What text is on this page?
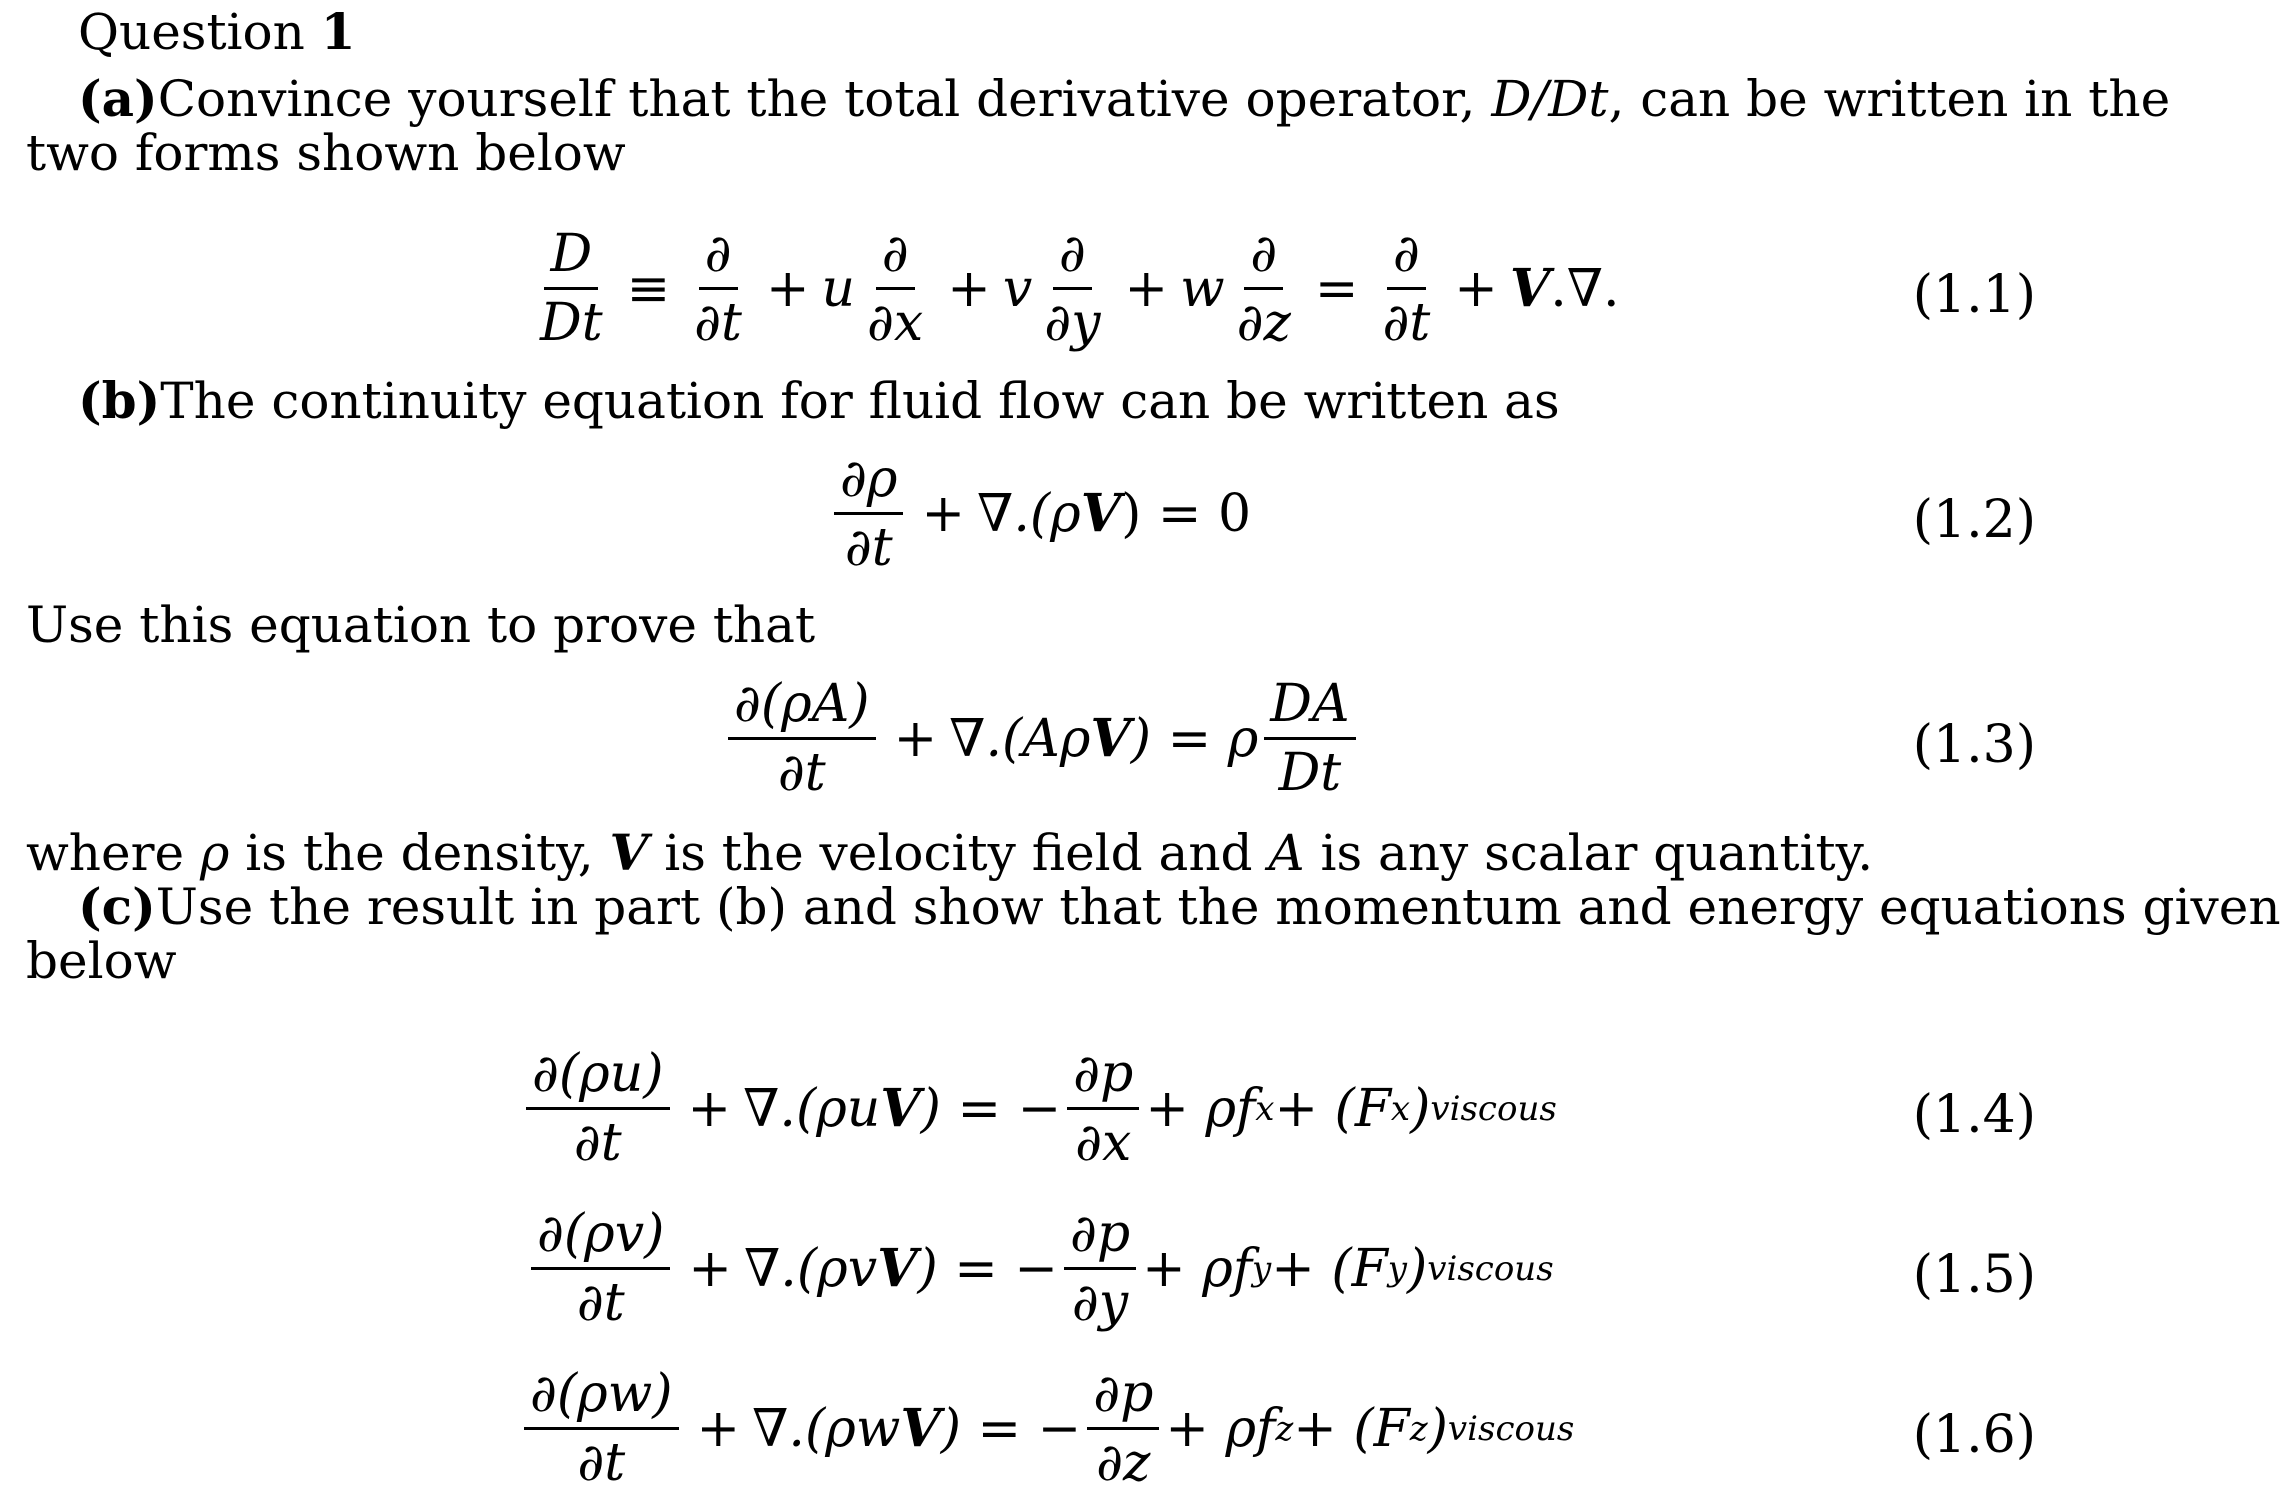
Question 1
(a)Convince yourself that the total derivative operator, D/Dt, can be written in the
two forms shown below
$\frac{D}{Dt} \equiv \frac{\partial}{\partial t} + u \frac{\partial}{\partial x} + v \frac{\partial}{\partial y} + w \frac{\partial}{\partial z} = \frac{\partial}{\partial t} + V$ .∇.	(1.1)
(b)The continuity equation for fluid flow can be written as
$\frac{\partial\rho}{\partial t} + \nabla.(\rho$ V ) = 0	(1.2)
Use this equation to prove that
$\frac{\partial(\rho A)}{\partial t} + \nabla.(A\rho$ V ) = ρ $\frac{DA}{Dt}$	(1.3)
where ρ is the density, V is the velocity field and A is any scalar quantity.
(c)Use the result in part (b) and show that the momentum and energy equations given
below
$\frac{\partial(\rho u)}{\partial t} + \nabla.(\rho u$ V ) = − $\frac{\partial p}{\partial x} + \rho f$ x + (F x ) viscous	(1.4)
$\frac{\partial(\rho v)}{\partial t} + \nabla.(\rho v$ V ) = − $\frac{\partial p}{\partial y} + \rho f$ y + (F y ) viscous	(1.5)
$\frac{\partial(\rho w)}{\partial t} + \nabla.(\rho w$ V ) = − $\frac{\partial p}{\partial z} + \rho f$ z + (F z ) viscous	(1.6)
